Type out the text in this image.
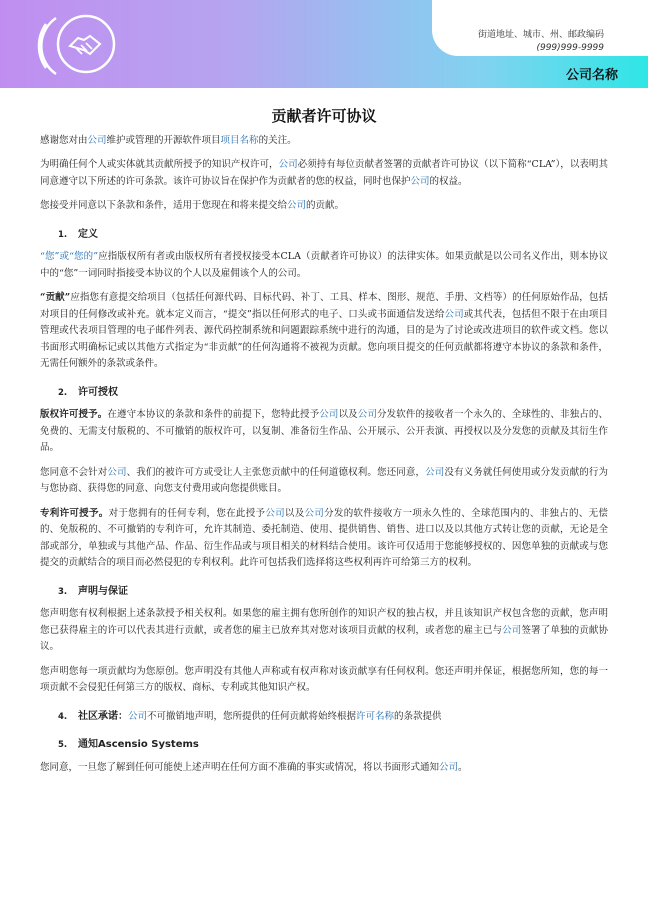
街道地址、城市、州、邮政编码
(999)999-9999
公司名称
贡献者许可协议

感谢您对由公司维护或管理的开源软件项目项目名称的关注。

为明确任何个人或实体就其贡献所授予的知识产权许可，公司必须持有每位贡献者签署的贡献者许可协议（以下简称“CLA”），以表明其同意遵守以下所述的许可条款。该许可协议旨在保护作为贡献者的您的权益，同时也保护公司的权益。

您接受并同意以下条款和条件，适用于您现在和将来提交给公司的贡献。

1.	定义

“您”或“您的”应指版权所有者或由版权所有者授权接受本CLA（贡献者许可协议）的法律实体。如果贡献是以公司名义作出，则本协议中的“您”一词同时指接受本协议的个人以及雇佣该个人的公司。

“贡献”应指您有意提交给项目（包括任何源代码、目标代码、补丁、工具、样本、图形、规范、手册、文档等）的任何原始作品，包括对项目的任何修改或补充。就本定义而言，“提交”指以任何形式的电子、口头或书面通信发送给公司或其代表，包括但不限于在由项目管理或代表项目管理的电子邮件列表、源代码控制系统和问题跟踪系统中进行的沟通，目的是为了讨论或改进项目的软件或文档。您以书面形式明确标记或以其他方式指定为“非贡献”的任何沟通将不被视为贡献。您向项目提交的任何贡献都将遵守本协议的条款和条件，无需任何额外的条款或条件。

2.	许可授权

版权许可授予。在遵守本协议的条款和条件的前提下，您特此授予公司以及公司分发软件的接收者一个永久的、全球性的、非独占的、免费的、无需支付版税的、不可撤销的版权许可，以复制、准备衍生作品、公开展示、公开表演、再授权以及分发您的贡献及其衍生作品。

您同意不会针对公司、我们的被许可方或受让人主张您贡献中的任何道德权利。您还同意，公司没有义务就任何使用或分发贡献的行为与您协商、获得您的同意、向您支付费用或向您提供账目。

专利许可授予。对于您拥有的任何专利，您在此授予公司以及公司分发的软件接收方一项永久性的、全球范围内的、非独占的、无偿的、免版税的、不可撤销的专利许可，允许其制造、委托制造、使用、提供销售、销售、进口以及以其他方式转让您的贡献，无论是全部或部分，单独或与其他产品、作品、衍生作品或与项目相关的材料结合使用。该许可仅适用于您能够授权的、因您单独的贡献或与您提交的贡献结合的项目而必然侵犯的专利权利。此许可包括我们选择将这些权利再许可给第三方的权利。

3.	声明与保证

您声明您有权利根据上述条款授予相关权利。如果您的雇主拥有您所创作的知识产权的独占权，并且该知识产权包含您的贡献，您声明您已获得雇主的许可以代表其进行贡献，或者您的雇主已放弃其对您对该项目贡献的权利，或者您的雇主已与公司签署了单独的贡献协议。

您声明您每一项贡献均为您原创。您声明没有其他人声称或有权声称对该贡献享有任何权利。您还声明并保证，根据您所知，您的每一项贡献不会侵犯任何第三方的版权、商标、专利或其他知识产权。

4.	社区承诺： 公司不可撤销地声明，您所提供的任何贡献将始终根据许可名称的条款提供
5.	通知Ascensio Systems

您同意，一旦您了解到任何可能使上述声明在任何方面不准确的事实或情况，将以书面形式通知公司。
